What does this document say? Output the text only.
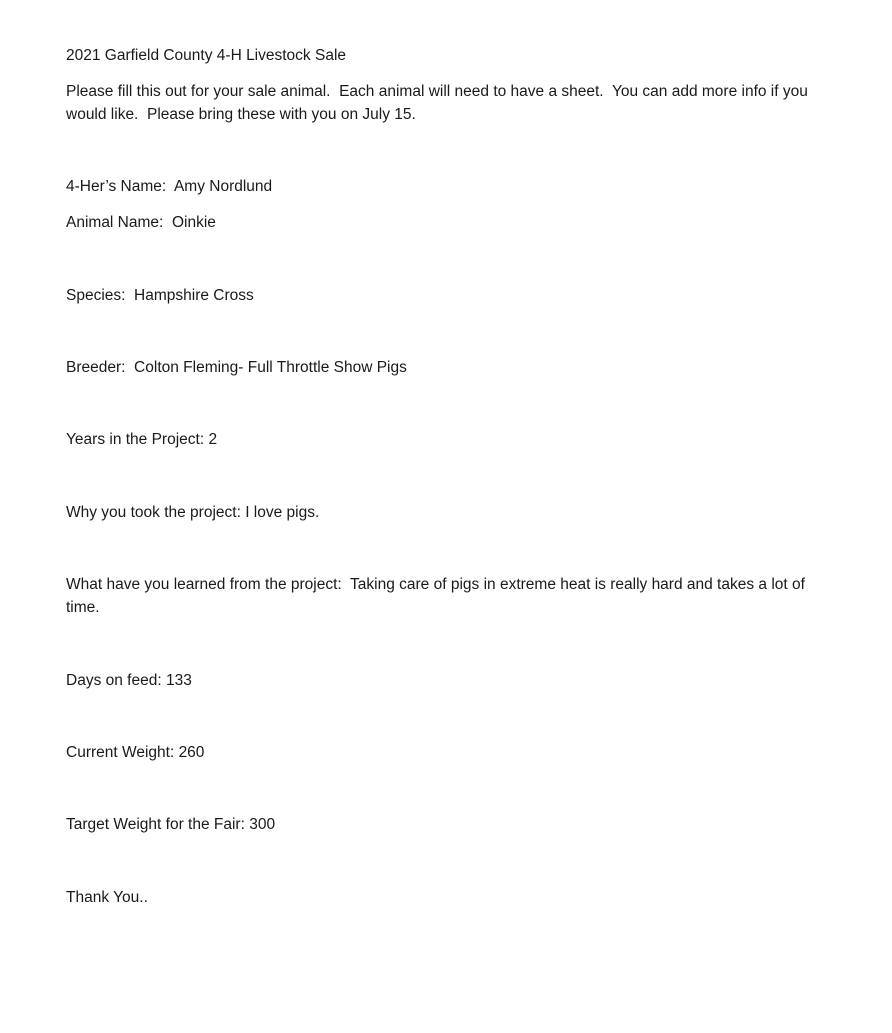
2021 Garfield County 4-H Livestock Sale

Please fill this out for your sale animal.  Each animal will need to have a sheet.  You can add more info if you would like.  Please bring these with you on July 15.

4-Her’s Name:  Amy Nordlund

Animal Name:  Oinkie

Species:  Hampshire Cross

Breeder:  Colton Fleming- Full Throttle Show Pigs

Years in the Project: 2

Why you took the project: I love pigs.

What have you learned from the project:  Taking care of pigs in extreme heat is really hard and takes a lot of time.

Days on feed: 133

Current Weight: 260

Target Weight for the Fair: 300

Thank You..
